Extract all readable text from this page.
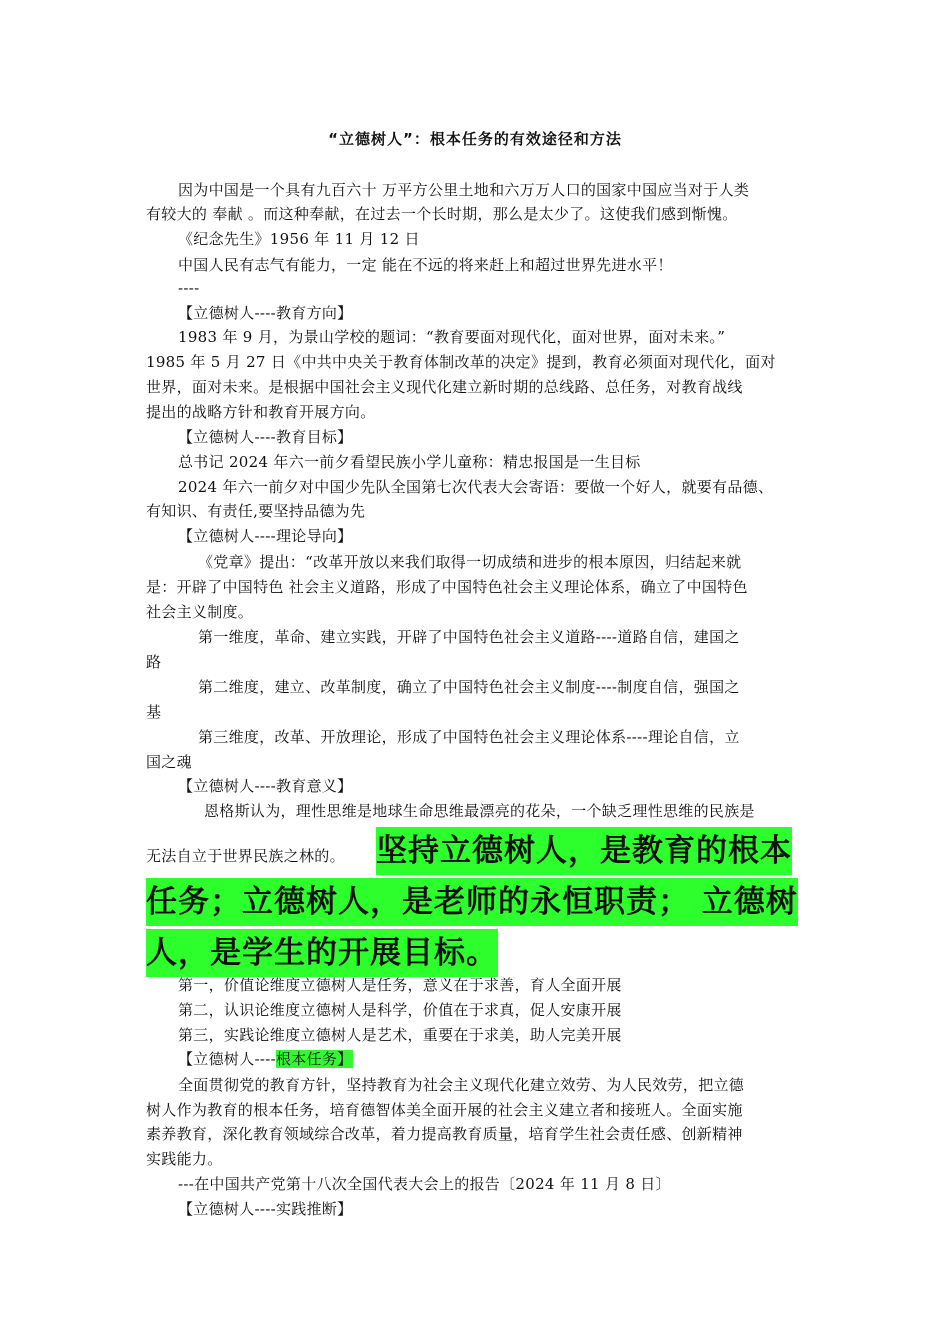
“立德树人”：根本任务的有效途径和方法
因为中国是一个具有九百六十 万平方公里土地和六万万人口的国家中国应当对于人类
有较大的 奉献 。而这种奉献，在过去一个长时期，那么是太少了。这使我们感到惭愧。
《纪念先生》1956 年 11 月 12 日
中国人民有志气有能力，一定 能在不远的将来赶上和超过世界先进水平！
----
【立德树人----教育方向】
1983 年 9 月，为景山学校的题词：“教育要面对现代化，面对世界，面对未来。”
1985 年 5 月 27 日《中共中央关于教育体制改革的决定》提到，教育必须面对现代化，面对
世界，面对未来。是根据中国社会主义现代化建立新时期的总线路、总任务，对教育战线
提出的战略方针和教育开展方向。
【立德树人----教育目标】
总书记 2024 年六一前夕看望民族小学儿童称：精忠报国是一生目标
2024 年六一前夕对中国少先队全国第七次代表大会寄语：要做一个好人，就要有品德、
有知识、有责任,要坚持品德为先
【立德树人----理论导向】
《党章》提出：“改革开放以来我们取得一切成绩和进步的根本原因，归结起来就
是：开辟了中国特色 社会主义道路，形成了中国特色社会主义理论体系，确立了中国特色
社会主义制度。
第一维度，革命、建立实践，开辟了中国特色社会主义道路----道路自信，建国之
路
第二维度，建立、改革制度，确立了中国特色社会主义制度----制度自信，强国之
基
第三维度，改革、开放理论，形成了中国特色社会主义理论体系----理论自信，立
国之魂
【立德树人----教育意义】
恩格斯认为，理性思维是地球生命思维最漂亮的花朵，一个缺乏理性思维的民族是
无法自立于世界民族之林的。 坚持立德树人，是教育的根本
任务；立德树人，是老师的永恒职责； 立德树
人，是学生的开展目标。
第一，价值论维度立德树人是任务，意义在于求善，育人全面开展
第二，认识论维度立德树人是科学，价值在于求真，促人安康开展
第三，实践论维度立德树人是艺术，重要在于求美，助人完美开展
【立德树人----根本任务】
全面贯彻党的教育方针，坚持教育为社会主义现代化建立效劳、为人民效劳，把立德
树人作为教育的根本任务，培育德智体美全面开展的社会主义建立者和接班人。全面实施
素养教育，深化教育领域综合改革，着力提高教育质量，培育学生社会责任感、创新精神
实践能力。
---在中国共产党第十八次全国代表大会上的报告〔2024 年 11 月 8 日〕
【立德树人----实践推断】
